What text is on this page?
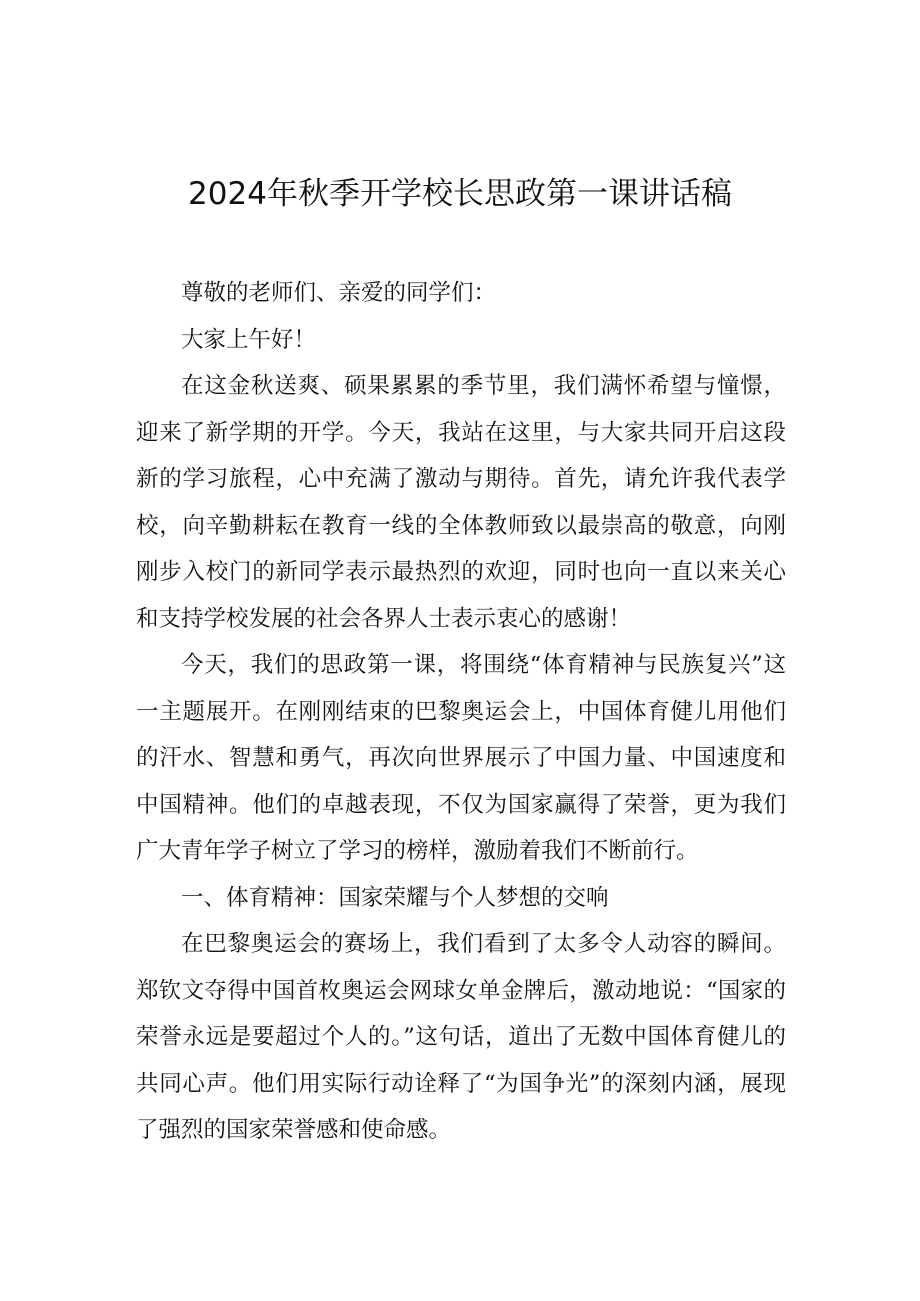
2024年秋季开学校长思政第一课讲话稿

尊敬的老师们、亲爱的同学们：

大家上午好！

在这金秋送爽、硕果累累的季节里，我们满怀希望与憧憬，迎来了新学期的开学。今天，我站在这里，与大家共同开启这段新的学习旅程，心中充满了激动与期待。首先，请允许我代表学校，向辛勤耕耘在教育一线的全体教师致以最崇高的敬意，向刚刚步入校门的新同学表示最热烈的欢迎，同时也向一直以来关心和支持学校发展的社会各界人士表示衷心的感谢！

今天，我们的思政第一课，将围绕“体育精神与民族复兴”这一主题展开。在刚刚结束的巴黎奥运会上，中国体育健儿用他们的汗水、智慧和勇气，再次向世界展示了中国力量、中国速度和中国精神。他们的卓越表现，不仅为国家赢得了荣誉，更为我们广大青年学子树立了学习的榜样，激励着我们不断前行。

一、体育精神：国家荣耀与个人梦想的交响

在巴黎奥运会的赛场上，我们看到了太多令人动容的瞬间。郑钦文夺得中国首枚奥运会网球女单金牌后，激动地说：“国家的荣誉永远是要超过个人的。”这句话，道出了无数中国体育健儿的共同心声。他们用实际行动诠释了“为国争光”的深刻内涵，展现了强烈的国家荣誉感和使命感。
